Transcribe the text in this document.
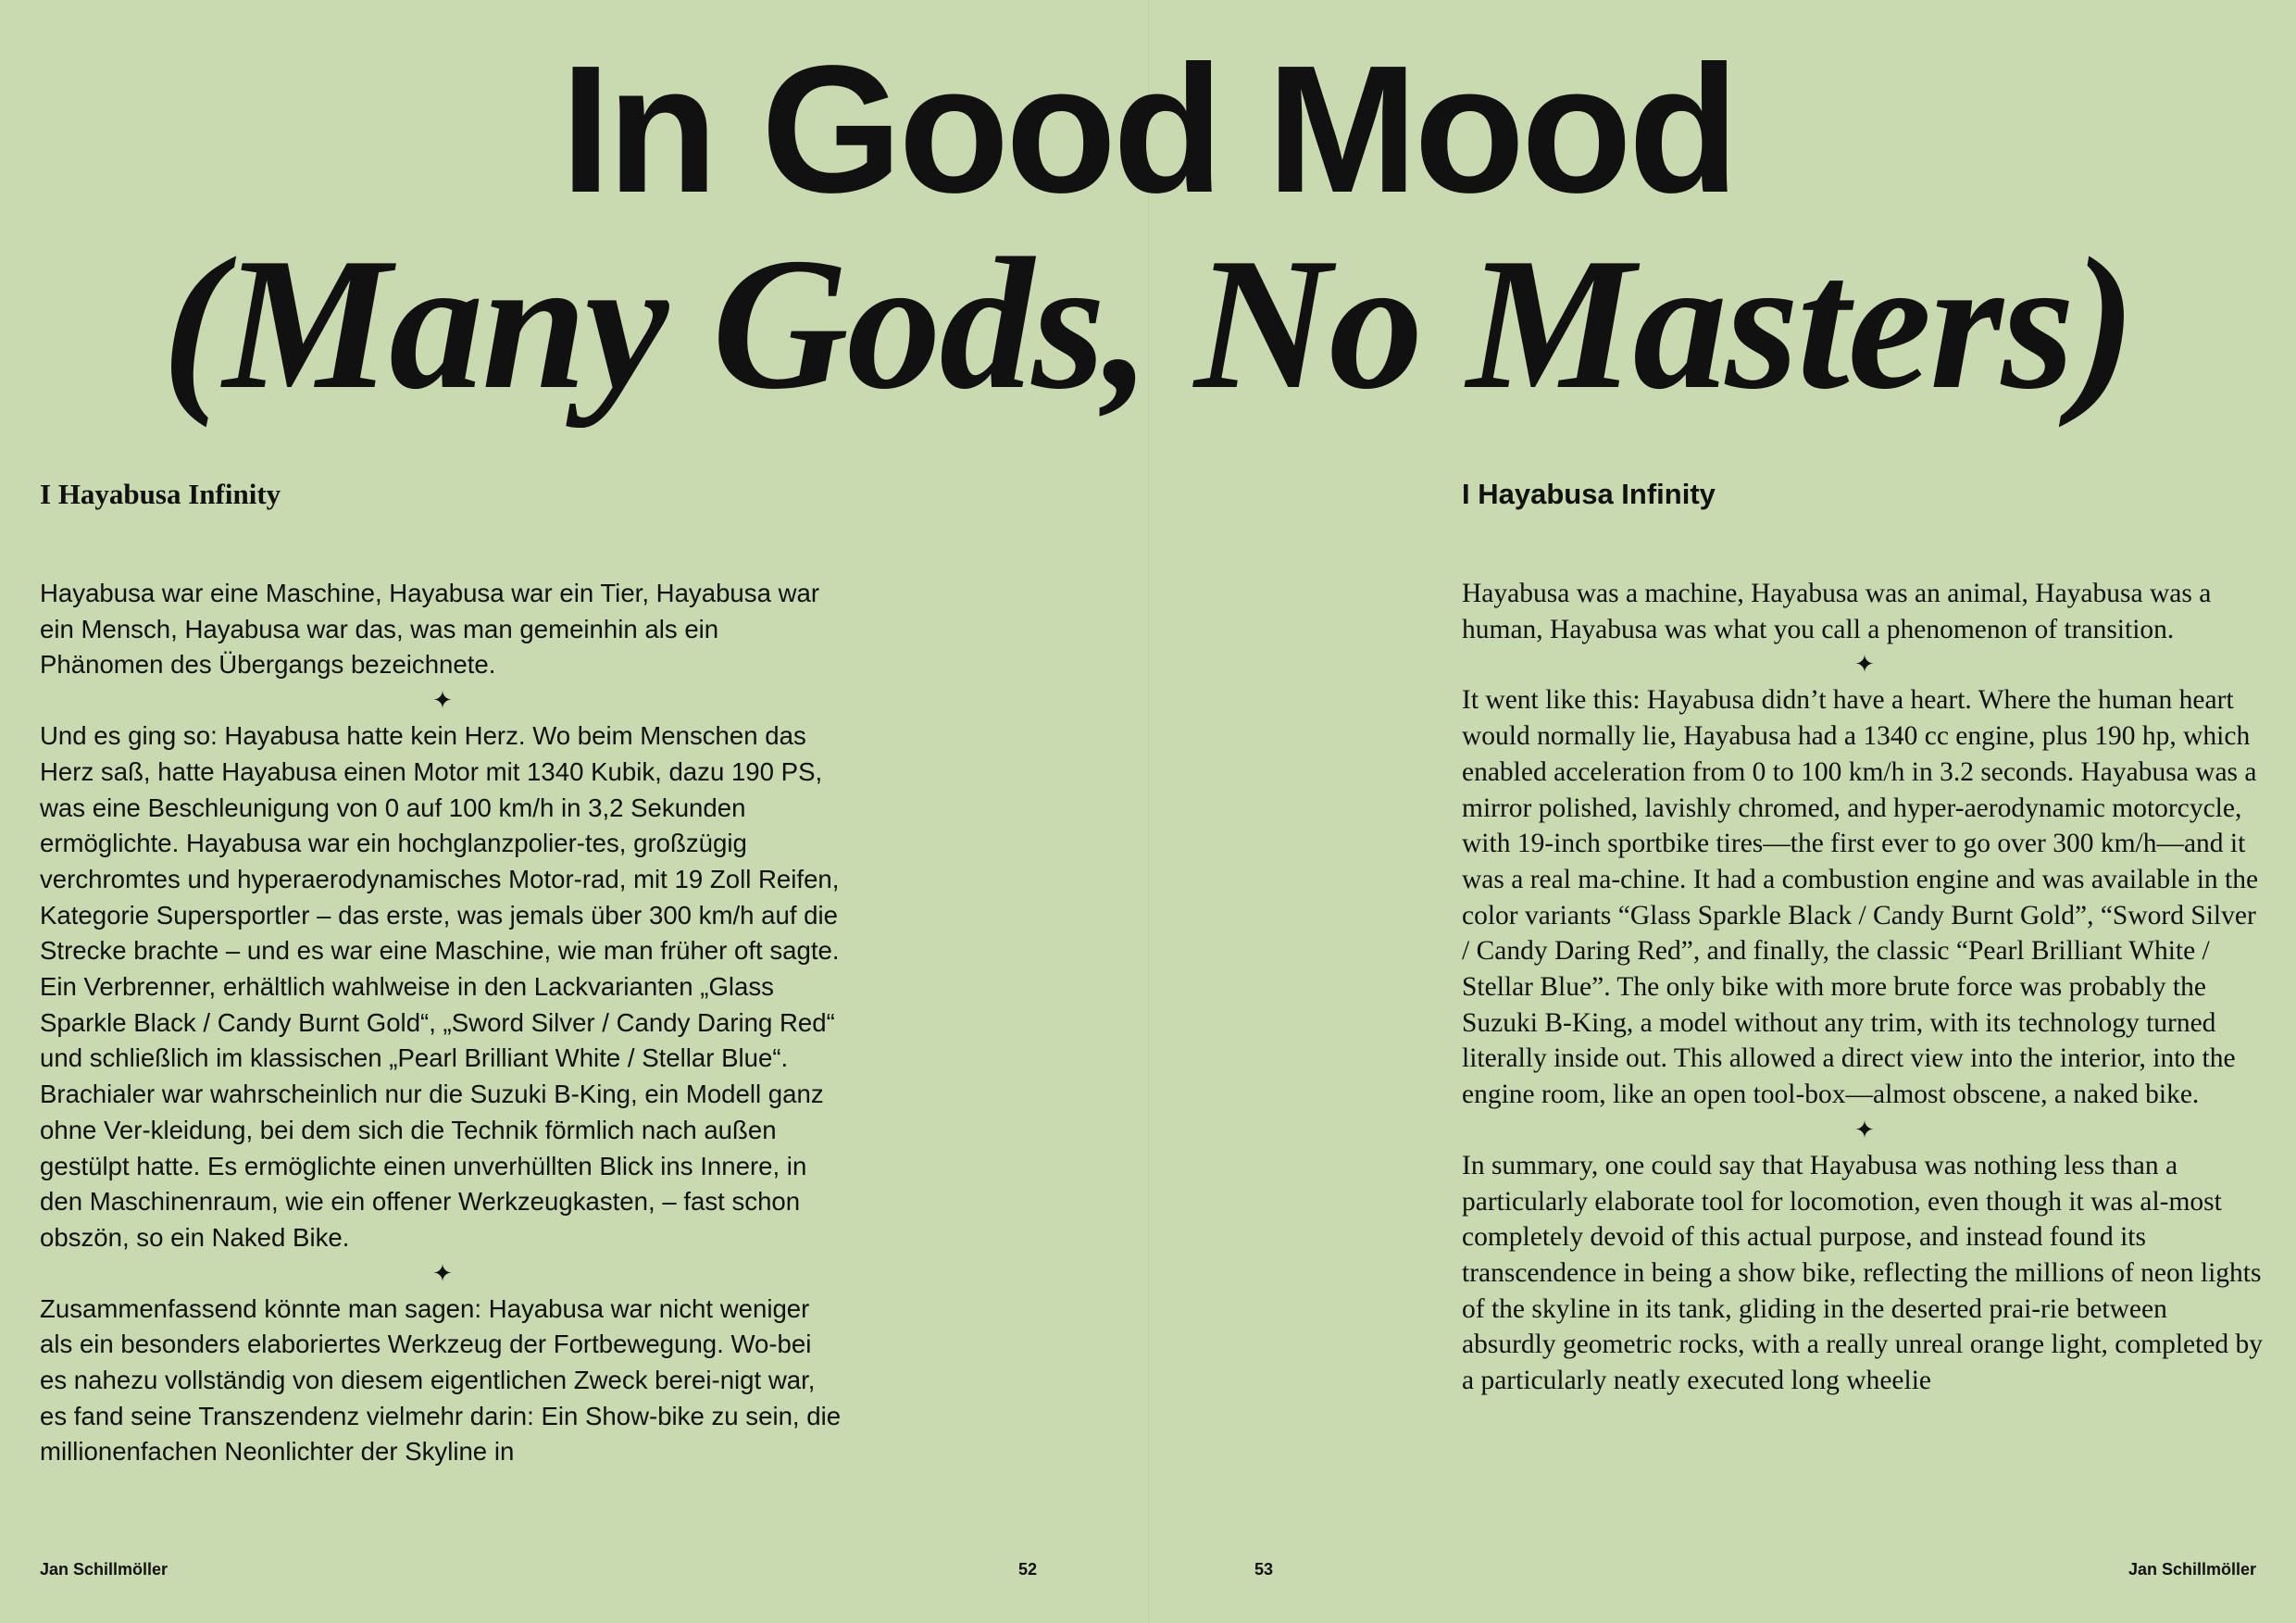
In Good Mood
(Many Gods, No Masters)
I Hayabusa Infinity

Hayabusa war eine Maschine, Hayabusa war ein Tier, Hayabusa war ein Mensch, Hayabusa war das, was man gemeinhin als ein Phänomen des Übergangs bezeichnete.

✦

Und es ging so: Hayabusa hatte kein Herz. Wo beim Menschen das Herz saß, hatte Hayabusa einen Motor mit 1340 Kubik, dazu 190 PS, was eine Beschleunigung von 0 auf 100 km/h in 3,2 Sekunden ermöglichte. Hayabusa war ein hochglanzpolier-tes, großzügig verchromtes und hyperaerodynamisches Motor-rad, mit 19 Zoll Reifen, Kategorie Supersportler – das erste, was jemals über 300 km/h auf die Strecke brachte – und es war eine Maschine, wie man früher oft sagte. Ein Verbrenner, erhältlich wahlweise in den Lackvarianten „Glass Sparkle Black / Candy Burnt Gold“, „Sword Silver / Candy Daring Red“ und schließlich im klassischen „Pearl Brilliant White / Stellar Blue“. Brachialer war wahrscheinlich nur die Suzuki B-King, ein Modell ganz ohne Ver-kleidung, bei dem sich die Technik förmlich nach außen gestülpt hatte. Es ermöglichte einen unverhüllten Blick ins Innere, in den Maschinenraum, wie ein offener Werkzeugkasten, – fast schon obszön, so ein Naked Bike.

✦

Zusammenfassend könnte man sagen: Hayabusa war nicht weniger als ein besonders elaboriertes Werkzeug der Fortbewegung. Wo-bei es nahezu vollständig von diesem eigentlichen Zweck berei-nigt war, es fand seine Transzendenz vielmehr darin: Ein Show-bike zu sein, die millionenfachen Neonlichter der Skyline in

I Hayabusa Infinity

Hayabusa was a machine, Hayabusa was an animal, Hayabusa was a human, Hayabusa was what you call a phenomenon of transition.

✦

It went like this: Hayabusa didn’t have a heart. Where the human heart would normally lie, Hayabusa had a 1340 cc engine, plus 190 hp, which enabled acceleration from 0 to 100 km/h in 3.2 seconds. Hayabusa was a mirror polished, lavishly chromed, and hyper-aerodynamic motorcycle, with 19-inch sportbike tires—the first ever to go over 300 km/h—and it was a real ma-chine. It had a combustion engine and was available in the color variants “Glass Sparkle Black / Candy Burnt Gold”, “Sword Silver / Candy Daring Red”, and finally, the classic “Pearl Brilliant White / Stellar Blue”. The only bike with more brute force was probably the Suzuki B-King, a model without any trim, with its technology turned literally inside out. This allowed a direct view into the interior, into the engine room, like an open tool-box—almost obscene, a naked bike.

✦

In summary, one could say that Hayabusa was nothing less than a particularly elaborate tool for locomotion, even though it was al-most completely devoid of this actual purpose, and instead found its transcendence in being a show bike, reflecting the millions of neon lights of the skyline in its tank, gliding in the deserted prai-rie between absurdly geometric rocks, with a really unreal orange light, completed by a particularly neatly executed long wheelie

Jan Schillmöller	52	53	Jan Schillmöller
